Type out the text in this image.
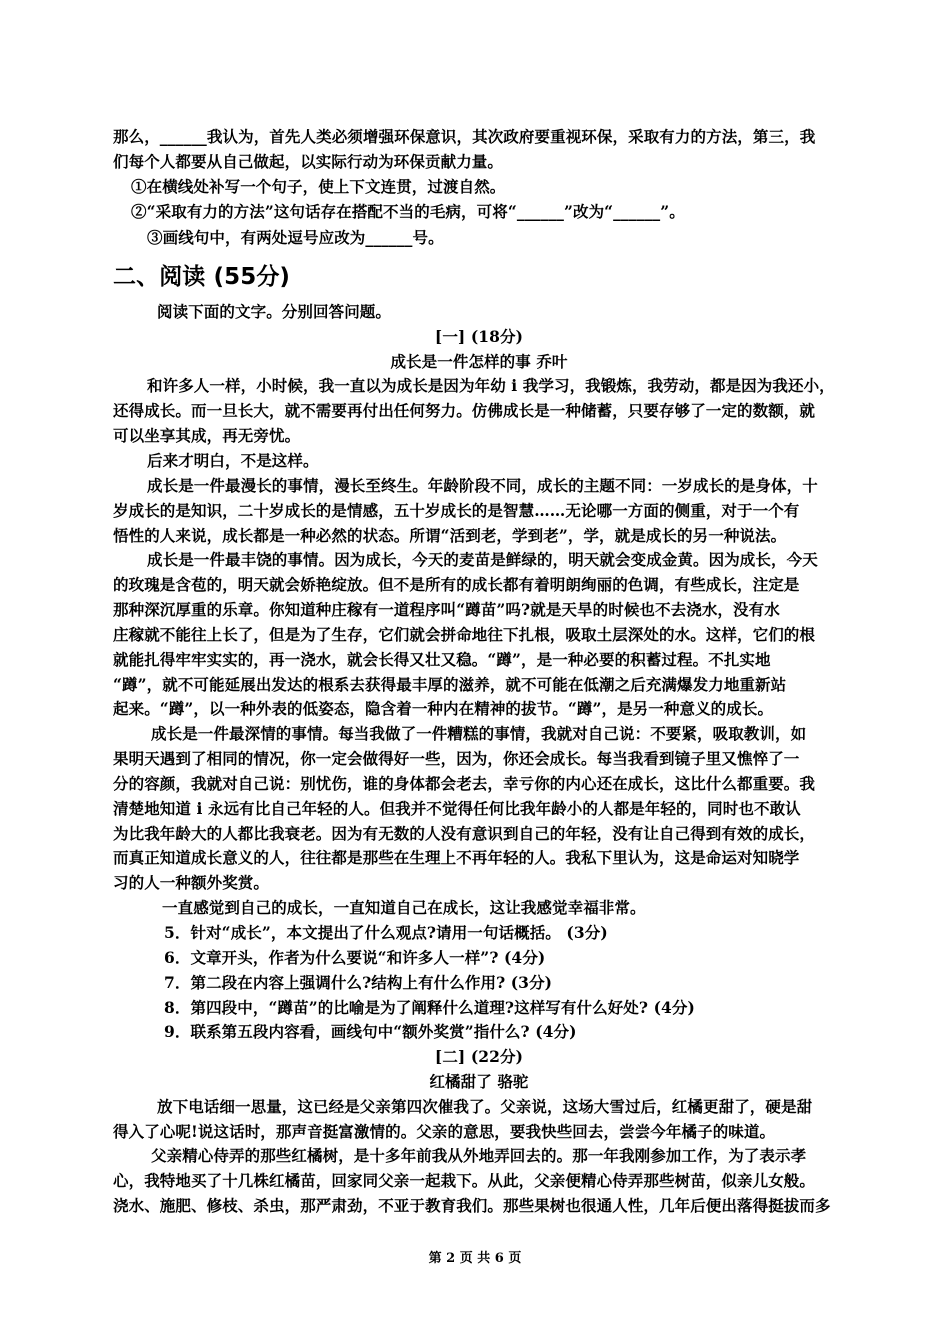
那么，______我认为，首先人类必须增强环保意识，其次政府要重视环保，采取有力的方法，第三，我
们每个人都要从自己做起，以实际行动为环保贡献力量。
①在横线处补写一个句子，使上下文连贯，过渡自然。
②“采取有力的方法”这句话存在搭配不当的毛病，可将“______”改为“______”。
③画线句中，有两处逗号应改为______号。
二、阅读 (55分)
阅读下面的文字。分别回答问题。
[一] (18分)
成长是一件怎样的事 乔叶
和许多人一样，小时候，我一直以为成长是因为年幼 i 我学习，我锻炼，我劳动，都是因为我还小，
还得成长。而一旦长大，就不需要再付出任何努力。仿佛成长是一种储蓄，只要存够了一定的数额，就
可以坐享其成，再无旁忧。
后来才明白，不是这样。
成长是一件最漫长的事情，漫长至终生。年龄阶段不同，成长的主题不同：一岁成长的是身体，十
岁成长的是知识，二十岁成长的是情感，五十岁成长的是智慧……无论哪一方面的侧重，对于一个有
悟性的人来说，成长都是一种必然的状态。所谓“活到老，学到老”，学，就是成长的另一种说法。
成长是一件最丰饶的事情。因为成长，今天的麦苗是鲜绿的，明天就会变成金黄。因为成长，今天
的玫瑰是含苞的，明天就会娇艳绽放。但不是所有的成长都有着明朗绚丽的色调，有些成长，注定是
那种深沉厚重的乐章。你知道种庄稼有一道程序叫“蹲苗”吗?就是天旱的时候也不去浇水，没有水
庄稼就不能往上长了，但是为了生存，它们就会拼命地往下扎根，吸取土层深处的水。这样，它们的根
就能扎得牢牢实实的，再一浇水，就会长得又壮又稳。“蹲”，是一种必要的积蓄过程。不扎实地
“蹲”，就不可能延展出发达的根系去获得最丰厚的滋养，就不可能在低潮之后充满爆发力地重新站
起来。“蹲”，以一种外表的低姿态，隐含着一种内在精神的拔节。“蹲”，是另一种意义的成长。
成长是一件最深情的事情。每当我做了一件糟糕的事情，我就对自己说：不要紧，吸取教训，如
果明天遇到了相同的情况，你一定会做得好一些，因为，你还会成长。每当我看到镜子里又憔悴了一
分的容颜，我就对自己说：别忧伤，谁的身体都会老去，幸亏你的内心还在成长，这比什么都重要。我
清楚地知道 i 永远有比自己年轻的人。但我并不觉得任何比我年龄小的人都是年轻的，同时也不敢认
为比我年龄大的人都比我衰老。因为有无数的人没有意识到自己的年轻，没有让自己得到有效的成长，
而真正知道成长意义的人，往往都是那些在生理上不再年轻的人。我私下里认为，这是命运对知晓学
习的人一种额外奖赏。
一直感觉到自己的成长，一直知道自己在成长，这让我感觉幸福非常。
5．针对“成长”，本文提出了什么观点?请用一句话概括。 (3分)
6．文章开头，作者为什么要说“和许多人一样”? (4分)
7．第二段在内容上强调什么?结构上有什么作用? (3分)
8．第四段中，“蹲苗”的比喻是为了阐释什么道理?这样写有什么好处? (4分)
9．联系第五段内容看，画线句中“额外奖赏”指什么? (4分)
[二] (22分)
红橘甜了 骆驼
放下电话细一思量，这已经是父亲第四次催我了。父亲说，这场大雪过后，红橘更甜了，硬是甜
得入了心呢!说这话时，那声音挺富激情的。父亲的意思，要我快些回去，尝尝今年橘子的味道。
父亲精心侍弄的那些红橘树，是十多年前我从外地弄回去的。那一年我刚参加工作，为了表示孝
心，我特地买了十几株红橘苗，回家同父亲一起栽下。从此，父亲便精心侍弄那些树苗，似亲儿女般。
浇水、施肥、修枝、杀虫，那严肃劲，不亚于教育我们。那些果树也很通人性，几年后便出落得挺拔而多
第 2 页 共 6 页
